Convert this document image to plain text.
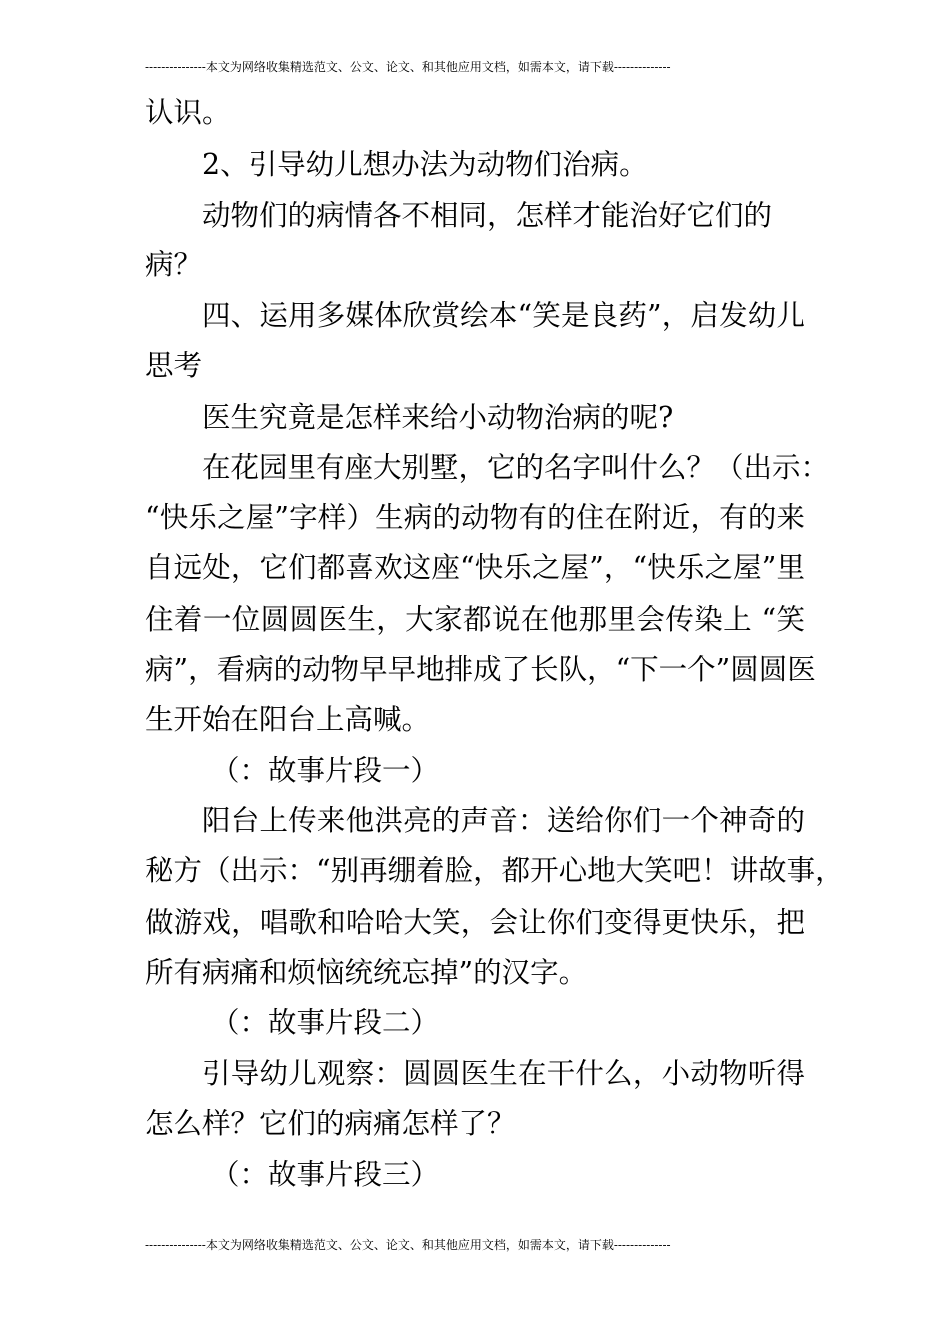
---------------本文为网络收集精选范文、公文、论文、和其他应用文档，如需本文，请下载--------------
认识。
2、引导幼儿想办法为动物们治病。
动物们的病情各不相同，怎样才能治好它们的
病？
四、运用多媒体欣赏绘本“笑是良药”，启发幼儿
思考
医生究竟是怎样来给小动物治病的呢?
在花园里有座大别墅，它的名字叫什么？（出示：
“快乐之屋”字样）生病的动物有的住在附近，有的来
自远处，它们都喜欢这座“快乐之屋”，“快乐之屋”里
住着一位圆圆医生，大家都说在他那里会传染上 “笑
病”，看病的动物早早地排成了长队，“下一个”圆圆医
生开始在阳台上高喊。
（：故事片段一）
阳台上传来他洪亮的声音：送给你们一个神奇的
秘方（出示：“别再绷着脸，都开心地大笑吧！讲故事，
做游戏，唱歌和哈哈大笑，会让你们变得更快乐，把
所有病痛和烦恼统统忘掉”的汉字。
（：故事片段二）
引导幼儿观察：圆圆医生在干什么，小动物听得
怎么样？它们的病痛怎样了？
（：故事片段三）
---------------本文为网络收集精选范文、公文、论文、和其他应用文档，如需本文，请下载--------------
